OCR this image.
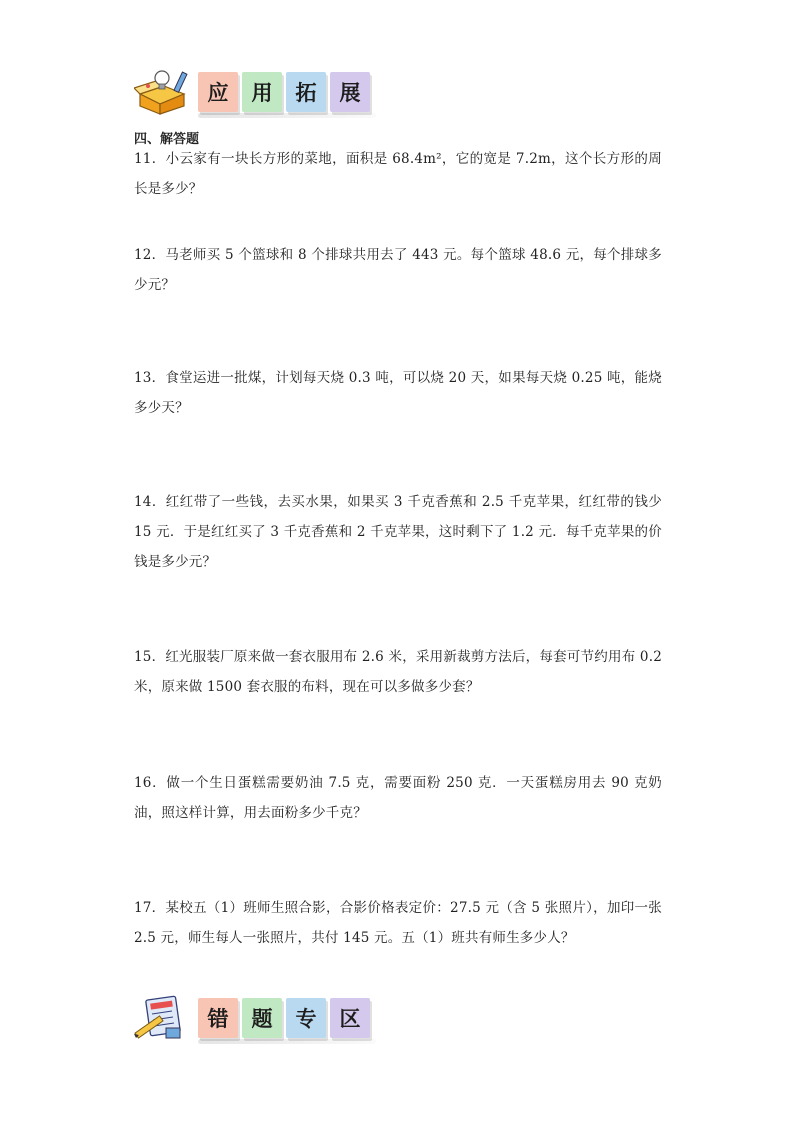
应	用	拓	展
四、解答题
11．小云家有一块长方形的菜地，面积是 68.4m²，它的宽是 7.2m，这个长方形的周长是多少？
12．马老师买 5 个篮球和 8 个排球共用去了 443 元。每个篮球 48.6 元，每个排球多少元？
13．食堂运进一批煤，计划每天烧 0.3 吨，可以烧 20 天，如果每天烧 0.25 吨，能烧多少天？
14．红红带了一些钱，去买水果，如果买 3 千克香蕉和 2.5 千克苹果，红红带的钱少 15 元．于是红红买了 3 千克香蕉和 2 千克苹果，这时剩下了 1.2 元．每千克苹果的价钱是多少元？
15．红光服装厂原来做一套衣服用布 2.6 米，采用新裁剪方法后，每套可节约用布 0.2 米，原来做 1500 套衣服的布料，现在可以多做多少套？
16．做一个生日蛋糕需要奶油 7.5 克，需要面粉 250 克．一天蛋糕房用去 90 克奶油，照这样计算，用去面粉多少千克？
17．某校五（1）班师生照合影，合影价格表定价：27.5 元（含 5 张照片），加印一张 2.5 元，师生每人一张照片，共付 145 元。五（1）班共有师生多少人？
错	题	专	区
